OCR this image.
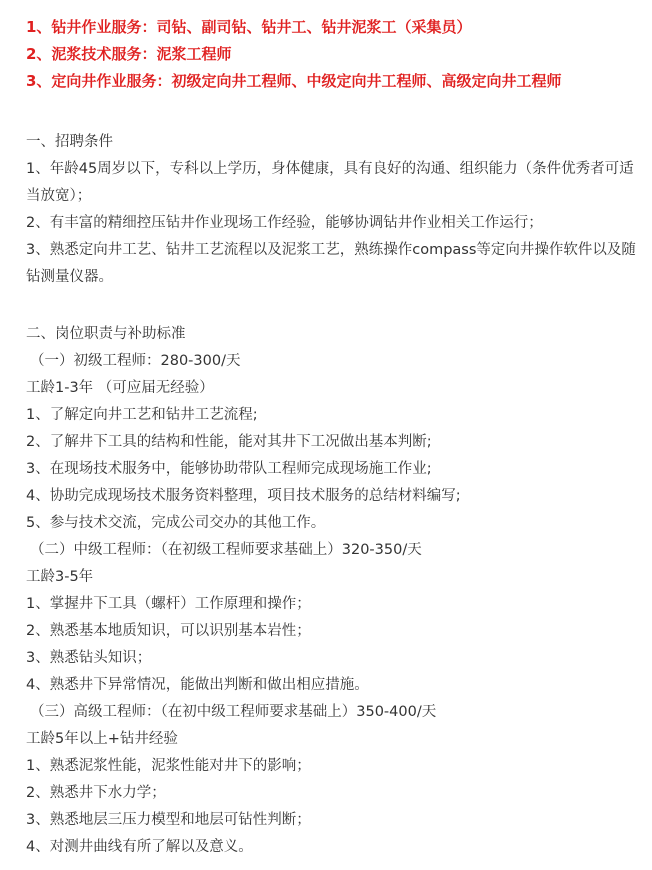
1、钻井作业服务：司钻、副司钻、钻井工、钻井泥浆工（采集员）
2、泥浆技术服务：泥浆工程师
3、定向井作业服务：初级定向井工程师、中级定向井工程师、高级定向井工程师
一、招聘条件
1、年龄45周岁以下，专科以上学历，身体健康，具有良好的沟通、组织能力（条件优秀者可适当放宽）；
2、有丰富的精细控压钻井作业现场工作经验，能够协调钻井作业相关工作运行；
3、熟悉定向井工艺、钻井工艺流程以及泥浆工艺，熟练操作compass等定向井操作软件以及随钻测量仪器。
二、岗位职责与补助标准
（一）初级工程师：280-300/天
工龄1-3年 （可应届无经验）
1、了解定向井工艺和钻井工艺流程;
2、了解井下工具的结构和性能，能对其井下工况做出基本判断;
3、在现场技术服务中，能够协助带队工程师完成现场施工作业;
4、协助完成现场技术服务资料整理，项目技术服务的总结材料编写;
5、参与技术交流，完成公司交办的其他工作。
（二）中级工程师：（在初级工程师要求基础上）320-350/天
工龄3-5年
1、掌握井下工具（螺杆）工作原理和操作；
2、熟悉基本地质知识，可以识别基本岩性；
3、熟悉钻头知识；
4、熟悉井下异常情况，能做出判断和做出相应措施。
（三）高级工程师：（在初中级工程师要求基础上）350-400/天
工龄5年以上+钻井经验
1、熟悉泥浆性能，泥浆性能对井下的影响；
2、熟悉井下水力学；
3、熟悉地层三压力模型和地层可钻性判断；
4、对测井曲线有所了解以及意义。
